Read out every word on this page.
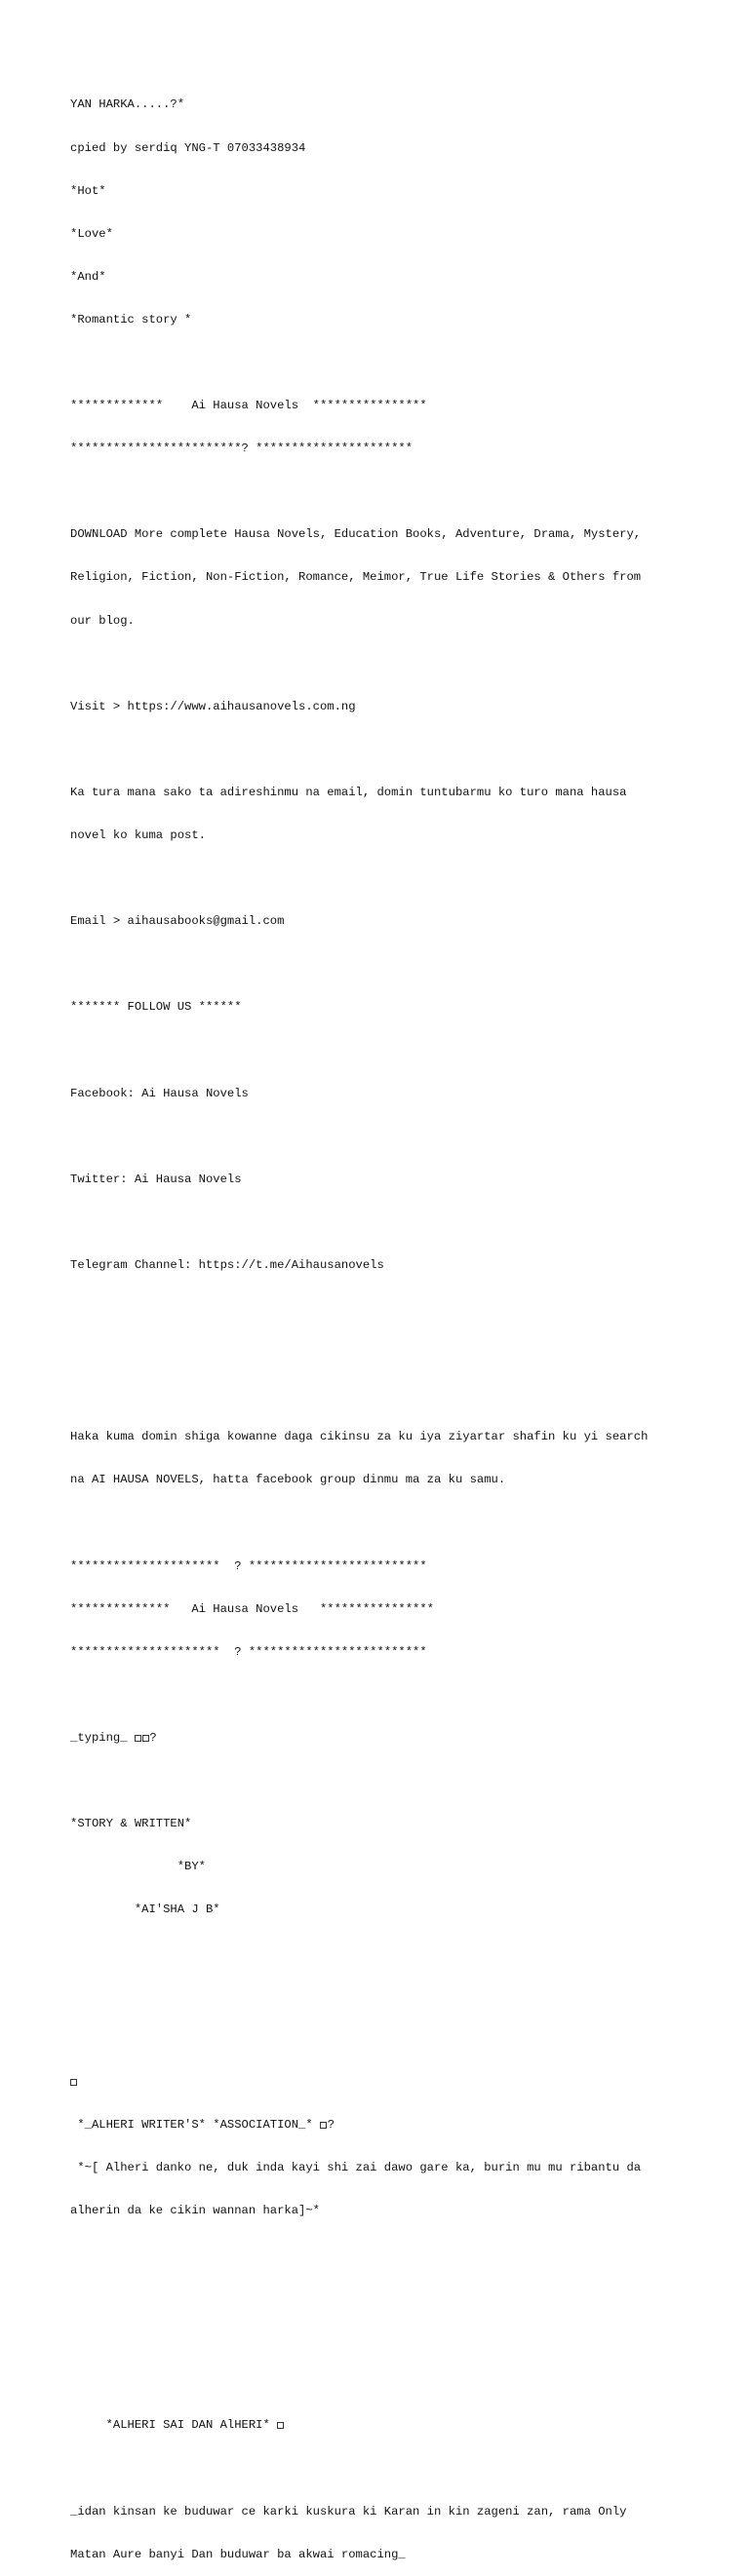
YAN HARKA.....?*

cpied by serdiq YNG-T 07033438934

*Hot*

*Love*

*And*

*Romantic story *

*************    Ai Hausa Novels  ****************

************************? **********************

DOWNLOAD More complete Hausa Novels, Education Books, Adventure, Drama, Mystery,

Religion, Fiction, Non-Fiction, Romance, Meimor, True Life Stories & Others from

our blog.

Visit > https://www.aihausanovels.com.ng

Ka tura mana sako ta adireshinmu na email, domin tuntubarmu ko turo mana hausa

novel ko kuma post.

Email > aihausabooks@gmail.com

******* FOLLOW US ******

Facebook: Ai Hausa Novels

Twitter: Ai Hausa Novels

Telegram Channel: https://t.me/Aihausanovels

Haka kuma domin shiga kowanne daga cikinsu za ku iya ziyartar shafin ku yi search

na AI HAUSA NOVELS, hatta facebook group dinmu ma za ku samu.

*********************  ? *************************

**************   Ai Hausa Novels   ****************

*********************  ? *************************

_typing_ ?

*STORY & WRITTEN*

*BY*

*AI'SHA J B*

*_ALHERI WRITER'S* *ASSOCIATION_* ?

*~[ Alheri danko ne, duk inda kayi shi zai dawo gare ka, burin mu mu ribantu da

alherin da ke cikin wannan harka]~*

*ALHERI SAI DAN AlHERI*

_idan kinsan ke buduwar ce karki kuskura ki Karan in kin zageni zan, rama Only

Matan Aure banyi Dan buduwar ba akwai romacing_
